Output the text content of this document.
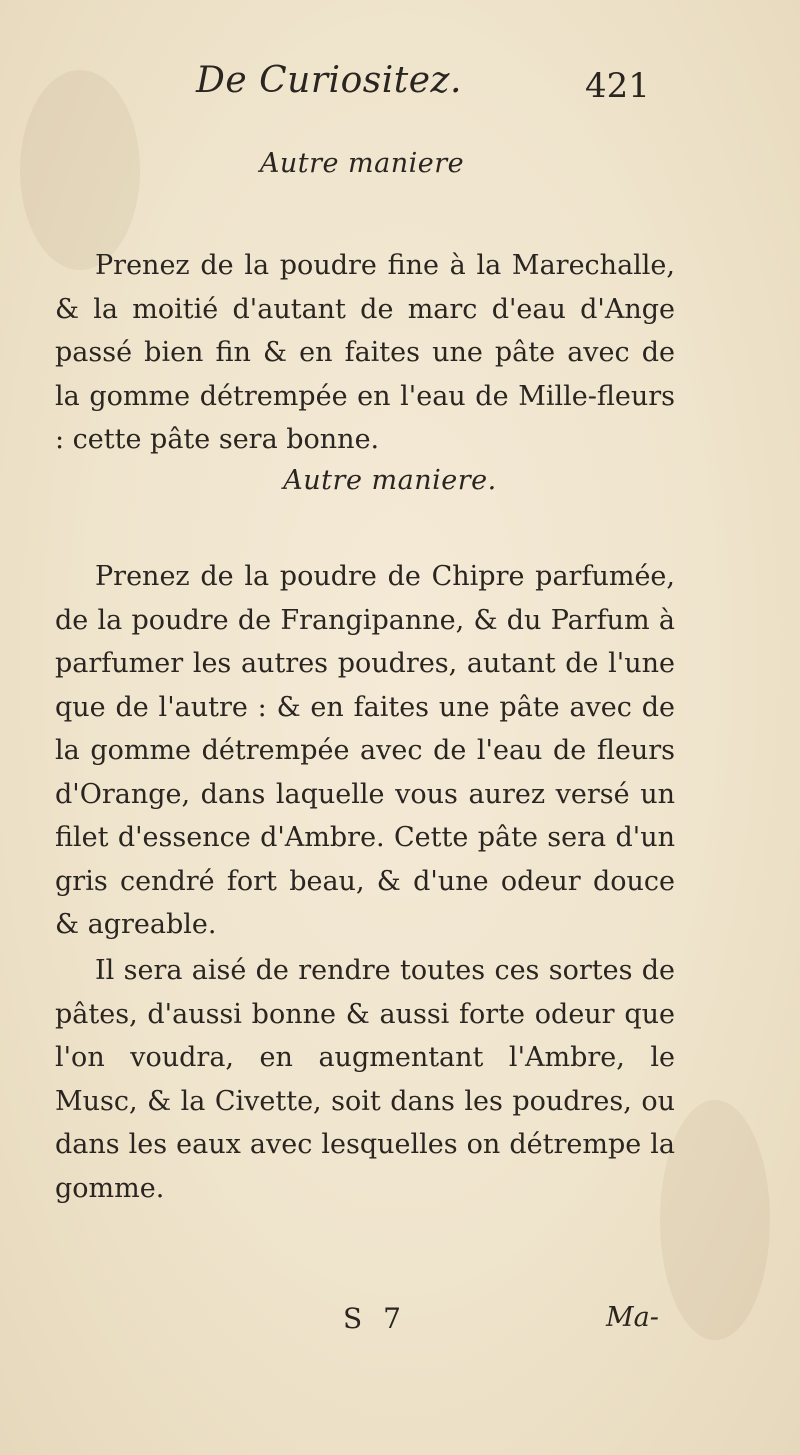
De Curiositez.	421
Autre maniere

Prenez de la poudre fine à la Marechalle, & la moitié d'autant de marc d'eau d'Ange passé bien fin & en faites une pâte avec de la gomme détrempée en l'eau de Mille-fleurs : cette pâte sera bonne.

Autre maniere.

Prenez de la poudre de Chipre parfumée, de la poudre de Frangipanne, & du Parfum à parfumer les autres poudres, autant de l'une que de l'autre : & en faites une pâte avec de la gomme détrempée avec de l'eau de fleurs d'Orange, dans laquelle vous aurez versé un filet d'essence d'Ambre. Cette pâte sera d'un gris cendré fort beau, & d'une odeur douce & agreable.

Il sera aisé de rendre toutes ces sortes de pâtes, d'aussi bonne & aussi forte odeur que l'on voudra, en augmentant l'Ambre, le Musc, & la Civette, soit dans les poudres, ou dans les eaux avec lesquelles on détrempe la gomme.

S 7	Ma-
